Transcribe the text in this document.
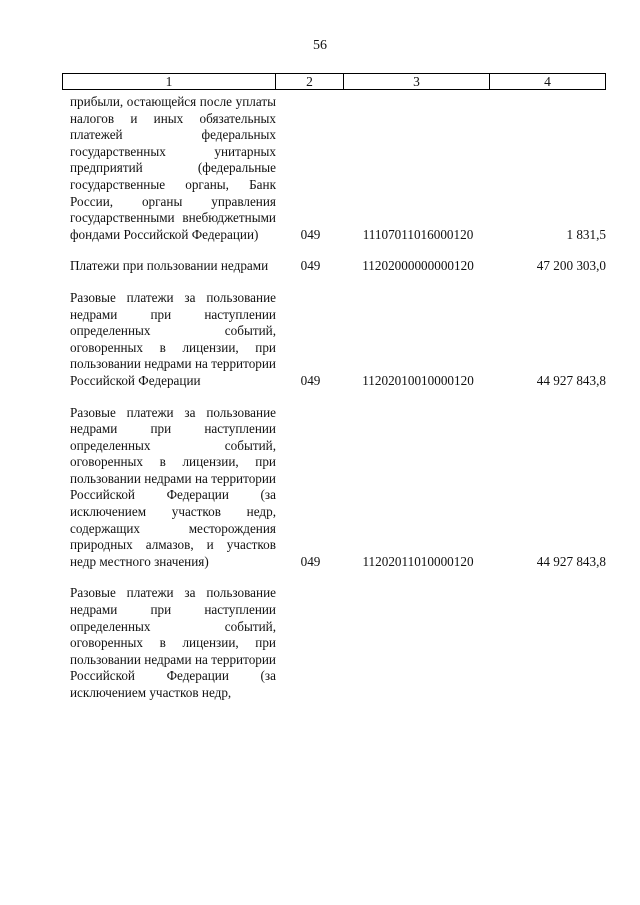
56
1	2	3	4
прибыли, остающейся после уплаты налогов и иных обязательных платежей федеральных государственных унитарных предприятий (федеральные государственные органы, Банк России, органы управления государственными внебюджетными фондами Российской Федерации)	049	11107011016000120	1 831,5
Платежи при пользовании недрами	049	11202000000000120	47 200 303,0
Разовые платежи за пользование недрами при наступлении определенных событий, оговоренных в лицензии, при пользовании недрами на территории Российской Федерации	049	11202010010000120	44 927 843,8
Разовые платежи за пользование недрами при наступлении определенных событий, оговоренных в лицензии, при пользовании недрами на территории Российской Федерации (за исключением участков недр, содержащих месторождения природных алмазов, и участков недр местного значения)	049	11202011010000120	44 927 843,8
Разовые платежи за пользование недрами при наступлении определенных событий, оговоренных в лицензии, при пользовании недрами на территории Российской Федерации (за исключением участков недр,
